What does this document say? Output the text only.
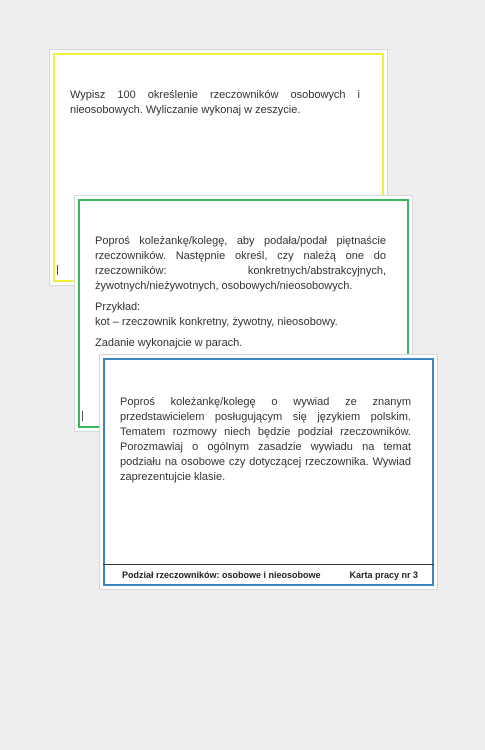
Wypisz 100 określenie rzeczowników osobowych i nieosobowych. Wyliczanie wykonaj w zeszycie.

Poproś koleżankę/kolegę, aby podała/podał piętnaście rzeczowników. Następnie określ, czy należą one do rzeczowników: konkretnych/abstrakcyjnych, żywotnych/nieżywotnych, osobowych/nieosobowych.

Przykład:
kot – rzeczownik konkretny, żywotny, nieosobowy.

Zadanie wykonajcie w parach.

Poproś koleżankę/kolegę o wywiad ze znanym przedstawicielem posługującym się językiem polskim. Tematem rozmowy niech będzie podział rzeczowników. Porozmawiaj o ogólnym zasadzie wywiadu na temat podziału na osobowe czy dotyczącej rzeczownika. Wywiad zaprezentujcie klasie.

Podział rzeczowników: osobowe i nieosobowe	Karta pracy nr 3
